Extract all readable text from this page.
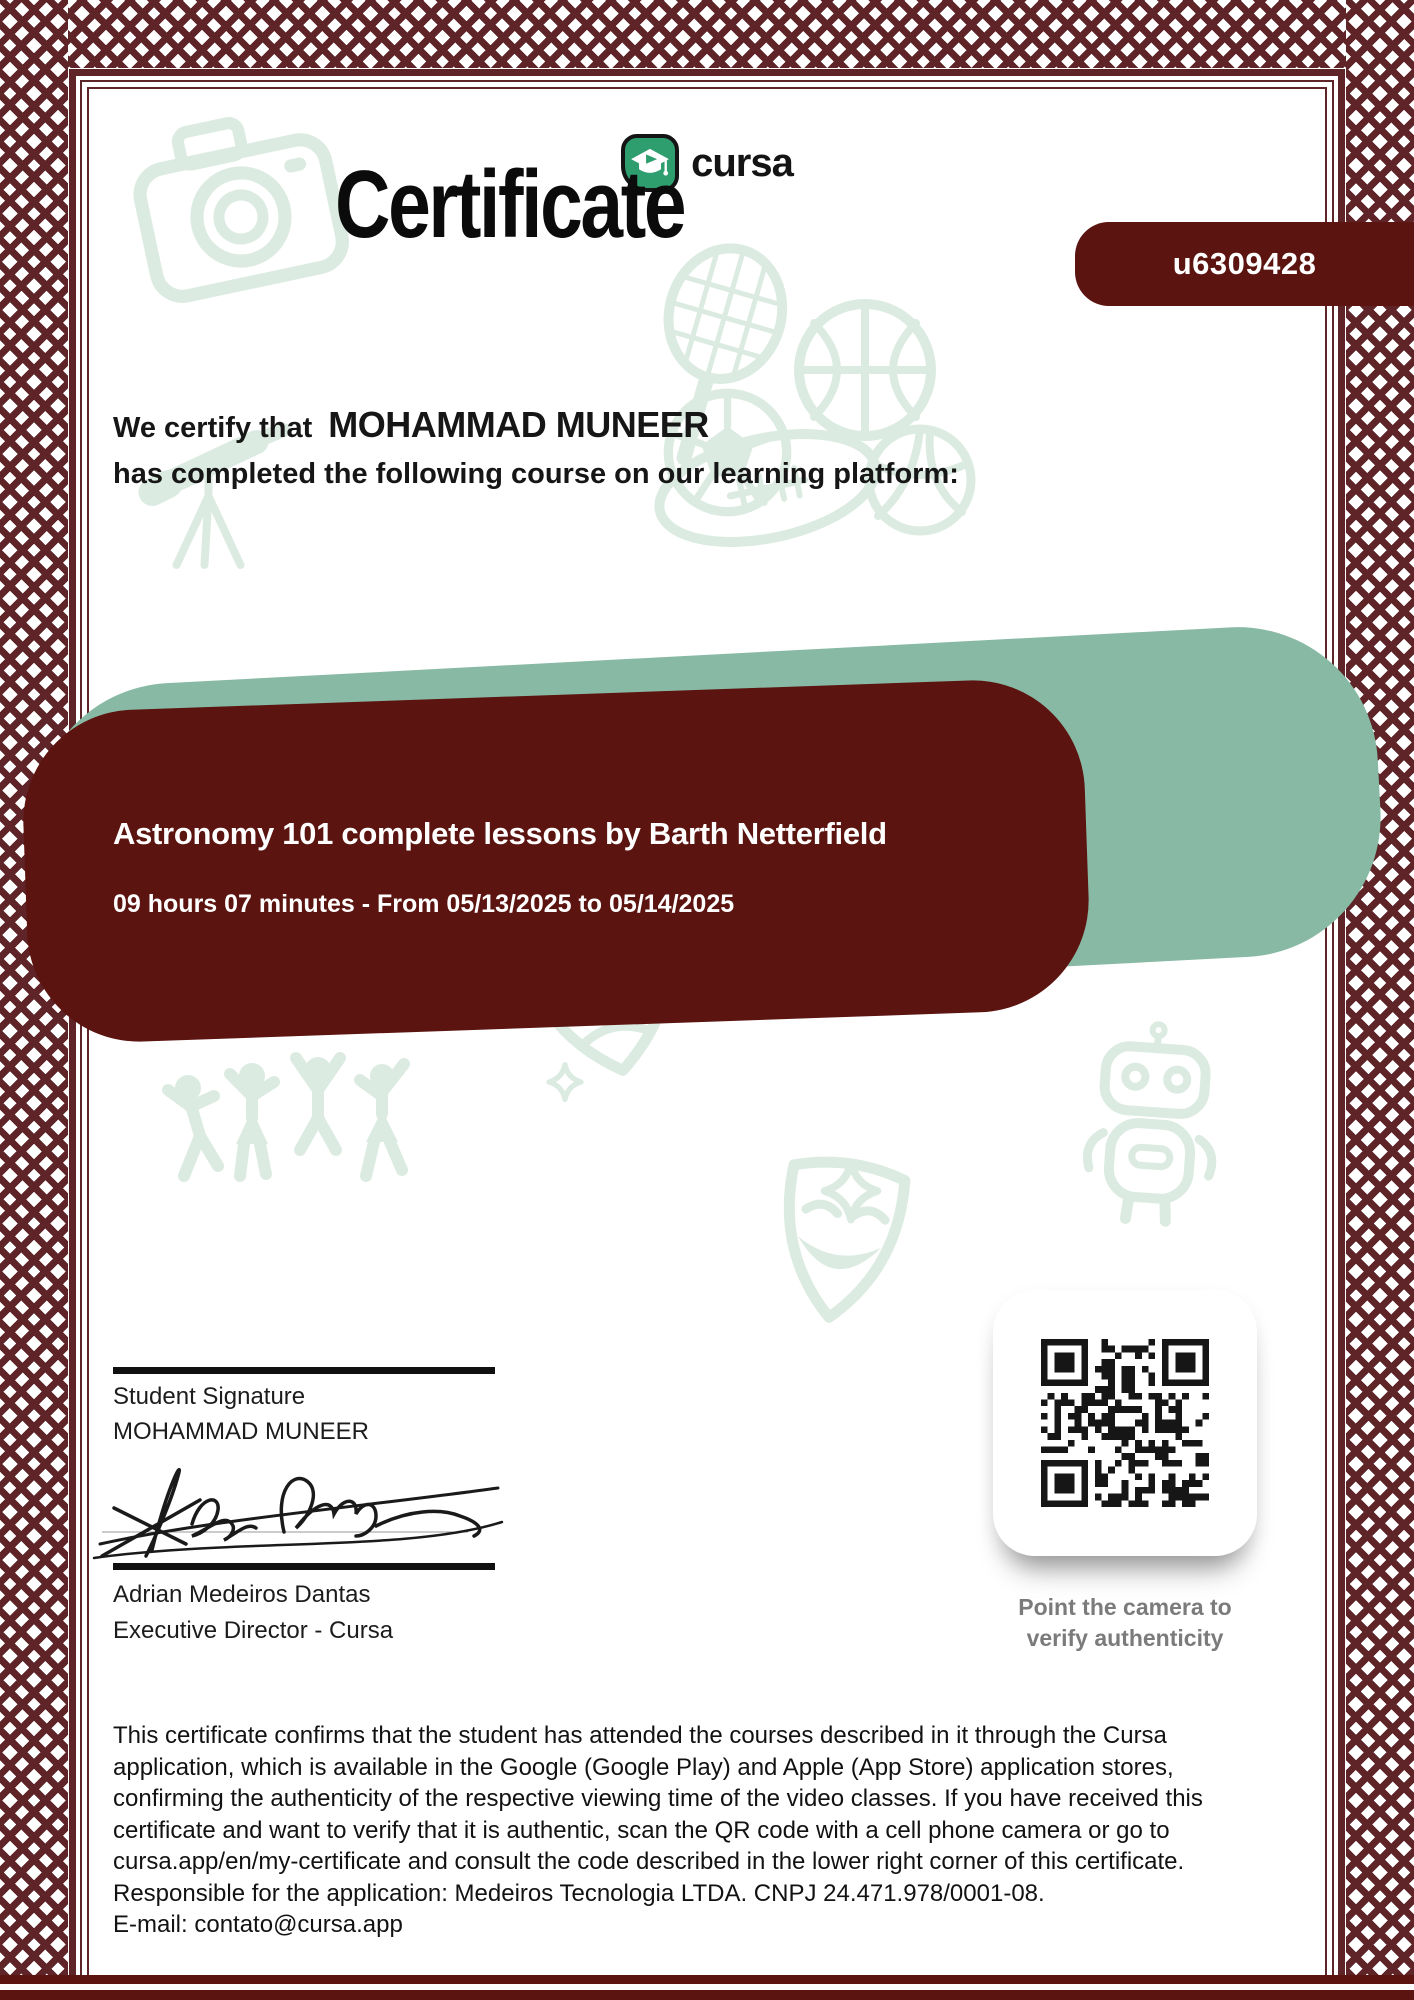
cursa
Certificate
u6309428
We certify that MOHAMMAD MUNEER
has completed the following course on our learning platform:
Astronomy 101 complete lessons by Barth Netterfield
09 hours 07 minutes - From 05/13/2025 to 05/14/2025
Student Signature
MOHAMMAD MUNEER
Adrian Medeiros Dantas
Executive Director - Cursa
Point the camera to
verify authenticity
This certificate confirms that the student has attended the courses described in it through the Cursa
application, which is available in the Google (Google Play) and Apple (App Store) application stores,
confirming the authenticity of the respective viewing time of the video classes. If you have received this
certificate and want to verify that it is authentic, scan the QR code with a cell phone camera or go to
cursa.app/en/my-certificate and consult the code described in the lower right corner of this certificate.
Responsible for the application: Medeiros Tecnologia LTDA. CNPJ 24.471.978/0001-08.
E-mail: contato@cursa.app
